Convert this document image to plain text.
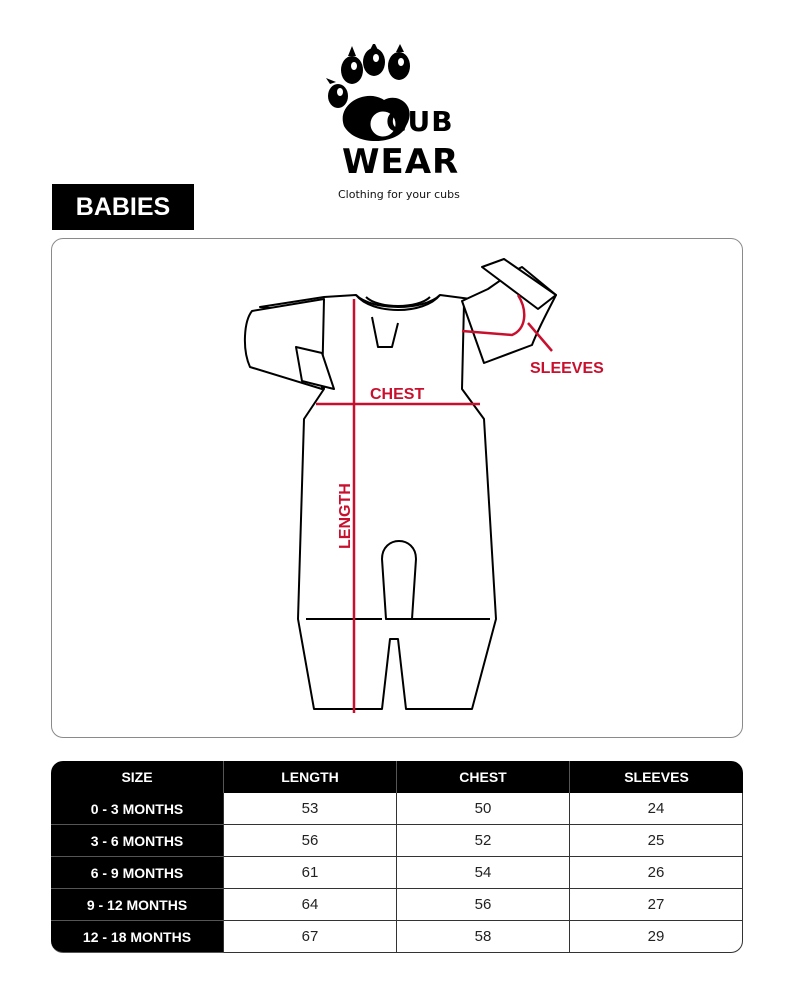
CUB
WEAR
Clothing for your cubs
BABIES
CHEST
SLEEVES
LENGTH
SIZE	LENGTH	CHEST	SLEEVES
0 - 3 MONTHS	53	50	24
3 - 6 MONTHS	56	52	25
6 - 9 MONTHS	61	54	26
9 - 12 MONTHS	64	56	27
12 - 18 MONTHS	67	58	29
